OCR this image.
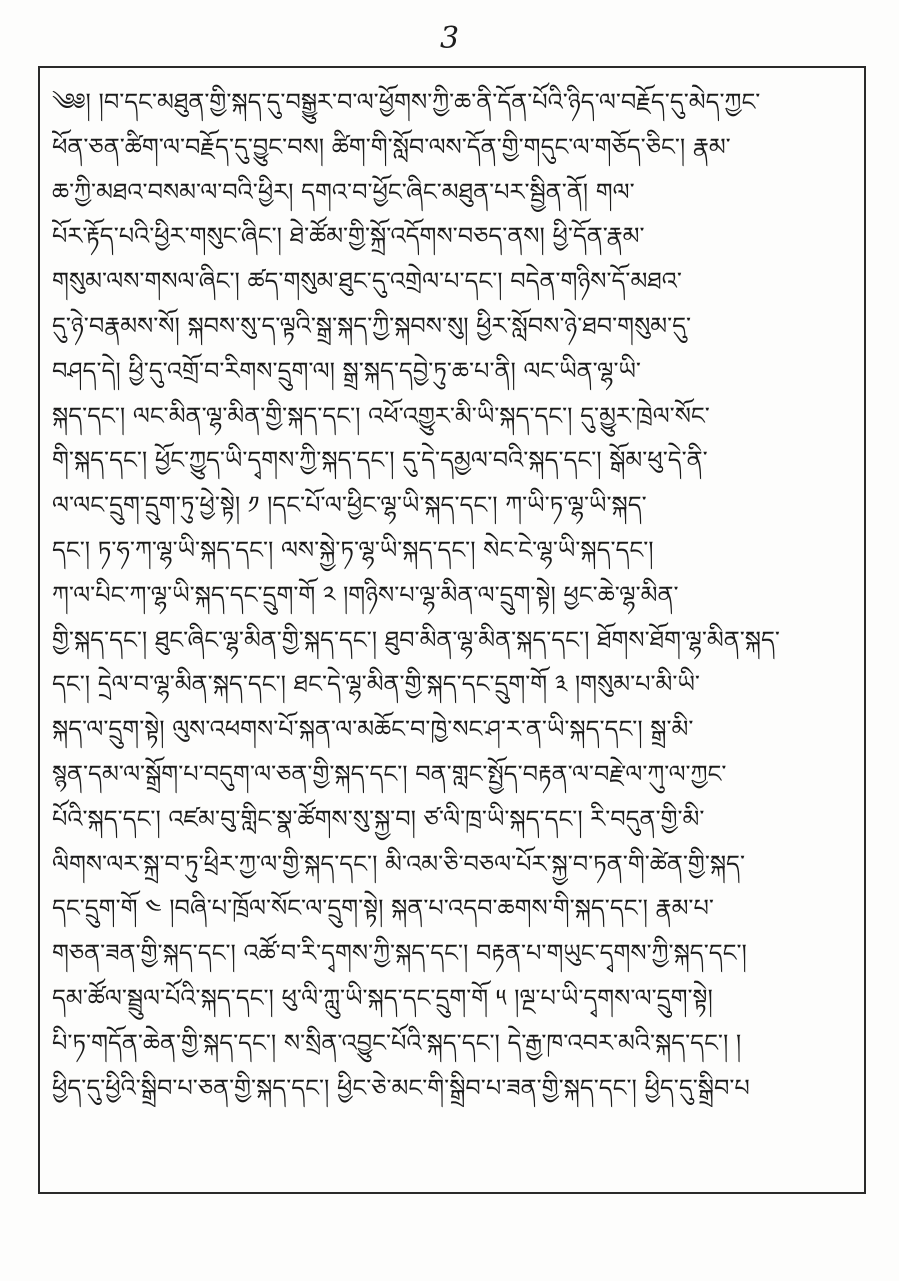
3
༄༅། །བ་དང་མཐུན་གྱི་སྐད་དུ་བསྒྱུར་བ་ལ་ཕྱོགས་ཀྱི་ཆ་ནི་དོན་པོའི་ཉིད་ལ་བརྗོད་དུ་མེད་ཀྱང་
ཕོན་ཅན་ཚིག་ལ་བརྗོད་དུ་བྱུང་བས། ཚིག་གི་སློབ་ལས་དོན་གྱི་གདུང་ལ་གཅོད་ཅིང་། རྣམ་
ཆ་ཀྱི་མཐའ་བསམ་ལ་བའི་ཕྱིར། དགའ་བ་ཕྱོང་ཞིང་མཐུན་པར་སྦྱིན་ནོ། གལ་
པོར་རྟོད་པའི་ཕྱིར་གསུང་ཞིང་། ཐེ་ཚོམ་གྱི་སྐྲོ་འདོགས་བཅད་ནས། ཕྱི་དོན་རྣམ་
གསུམ་ལས་གསལ་ཞིང་། ཚད་གསུམ་ཐུང་དུ་འགྲེལ་པ་དང་། བདེན་གཉིས་དོ་མཐའ་
དུ་ཉེ་བརྣམས་སོ། སྐབས་སུ་ད་ལྟའི་སྒྲ་སྐད་ཀྱི་སྐབས་སུ། ཕྱིར་སློབས་ཉེ་ཐབ་གསུམ་དུ་
བཤད་དེ། ཕྱི་དུ་འགྲོ་བ་རིགས་དྲུག་ལ། སྒྲ་སྐད་དབྱེ་ཏུ་ཆ་པ་ནི། ལང་ཡིན་ལྷ་ཡི་
སྐད་དང་། ལང་མིན་ལྷ་མིན་གྱི་སྐད་དང་། འཕོ་འགྱུར་མི་ཡི་སྐད་དང་། དུ་མྱུར་ཁྲེལ་སོང་
གི་སྐད་དང་། ཕྱོང་ཀྱུད་ཡི་དྭགས་ཀྱི་སྐད་དང་། དུ་དེ་དམྱལ་བའི་སྐད་དང་། སྒོམ་ཕུ་དེ་ནི་
ལ་ལང་དྲུག་དྲུག་ཏུ་ཕྱེ་སྟེ། ༡ །དང་པོ་ལ་ཕྱིང་ལྷ་ཡི་སྐད་དང་། ཀ་ཡི་ཏ་ལྷ་ཡི་སྐད་
དང་། ཏ་ཧ་ཀ་ལྷ་ཡི་སྐད་དང་། ལས་སྐྱེ་ཏ་ལྷ་ཡི་སྐད་དང་། སེང་ངེ་ལྷ་ཡི་སྐད་དང་།
ཀ་ལ་པིང་ཀ་ལྷ་ཡི་སྐད་དང་དྲུག་གོ ༢ །གཉིས་པ་ལྷ་མིན་ལ་དྲུག་སྟེ། ཕྱང་ཆེ་ལྷ་མིན་
གྱི་སྐད་དང་། ཐུང་ཞིང་ལྷ་མིན་གྱི་སྐད་དང་། ཐུབ་མིན་ལྷ་མིན་སྐད་དང་། ཐོགས་ཐོག་ལྷ་མིན་སྐད་
དང་། དྲེལ་བ་ལྷ་མིན་སྐད་དང་། ཐང་དེ་ལྷ་མིན་གྱི་སྐད་དང་དྲུག་གོ ༣ །གསུམ་པ་མི་ཡི་
སྐད་ལ་དྲུག་སྟེ། ལུས་འཕགས་པོ་སྐན་ལ་མཆོང་བ་ཁྱེ་སང་ཤ་ར་ན་ཡི་སྐད་དང་། སྒྲ་མི་
སྙན་དམ་ལ་སྒྲོག་པ་བདུག་ལ་ཅན་གྱི་སྐད་དང་། བན་གླང་སྤྱོད་བརྟན་ལ་བརྗེ་ལ་ཀུ་ལ་ཀྱང་
པོའི་སྐད་དང་། འཛམ་བུ་གླིང་སྣ་ཚོགས་སུ་སྐྱ་བ། ཙ་ལི་ཁྲ་ཡི་སྐད་དང་། རི་བདུན་གྱི་མི་
ལིགས་ལར་སྐྲ་བ་ཏུ་ཕྲིར་ཀྱ་ལ་གྱི་སྐད་དང་། མི་འམ་ཅི་བཅལ་པོར་སྐྱ་བ་ཏན་གི་ཚེན་གྱི་སྐད་
དང་དྲུག་གོ ༤ །བཞི་པ་ཁྲོལ་སོང་ལ་དྲུག་སྟེ། སྐན་པ་འདབ་ཆགས་གི་སྐད་དང་། རྣམ་པ་
གཅན་ཟན་གྱི་སྐད་དང་། འཚོ་བ་རི་དྭགས་ཀྱི་སྐད་དང་། བརྟན་པ་གཡུང་དྭགས་ཀྱི་སྐད་དང་།
དམ་ཚོལ་སྦྲུལ་པོའི་སྐད་དང་། ཕུ་ལི་ཀླུ་ཡི་སྐད་དང་དྲུག་གོ ༥ །ལྔ་པ་ཡི་དྭགས་ལ་དྲུག་སྟེ།
པི་ཏ་གདོན་ཆེན་གྱི་སྐད་དང་། ས་སྲིན་འབྱུང་པོའི་སྐད་དང་། དེ་རྒྱ་ཁ་འབར་མའི་སྐད་དང་། །
ཕྱིད་དུ་ཕྱིའི་སྒྲིབ་པ་ཅན་གྱི་སྐད་དང་། ཕྱིང་ཅེ་མང་གི་སྒྲིབ་པ་ཟན་གྱི་སྐད་དང་། ཕྱིད་དུ་སྒྲིབ་པ
